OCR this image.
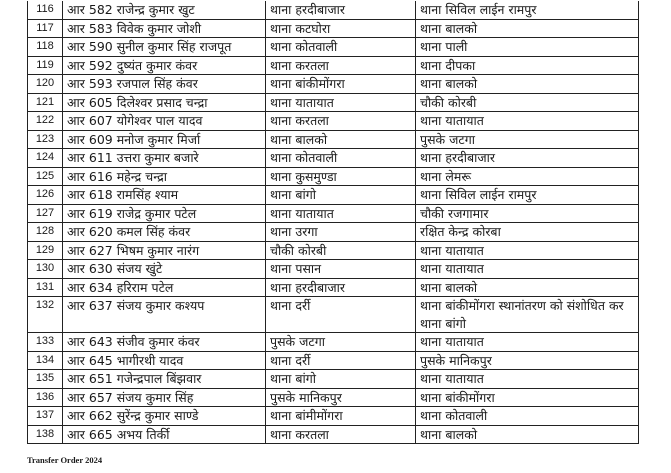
116	आर 582 राजेन्द्र कुमार खुट	थाना हरदीबाजार	थाना सिविल लाईन रामपुर
117	आर 583 विवेक कुमार जोशी	थाना कटघोरा	थाना बालको
118	आर 590 सुनील कुमार सिंह राजपूत	थाना कोतवाली	थाना पाली
119	आर 592 दुष्यंत कुमार कंवर	थाना करतला	थाना दीपका
120	आर 593 रजपाल सिंह कंवर	थाना बांकीमोंगरा	थाना बालको
121	आर 605 दिलेश्वर प्रसाद चन्द्रा	थाना यातायात	चौकी कोरबी
122	आर 607 योगेश्वर पाल यादव	थाना करतला	थाना यातायात
123	आर 609 मनोज कुमार मिर्जा	थाना बालको	पुसके जटगा
124	आर 611 उत्तरा कुमार बजारे	थाना कोतवाली	थाना हरदीबाजार
125	आर 616 महेन्द्र चन्द्रा	थाना कुसमुण्डा	थाना लेमरू
126	आर 618 रामसिंह श्याम	थाना बांगो	थाना सिविल लाईन रामपुर
127	आर 619 राजेद्र कुमार पटेल	थाना यातायात	चौकी रजगामार
128	आर 620 कमल सिंह कंवर	थाना उरगा	रक्षित केन्द्र कोरबा
129	आर 627 भिषम कुमार नारंग	चौकी कोरबी	थाना यातायात
130	आर 630 संजय खुंटे	थाना पसान	थाना यातायात
131	आर 634 हरिराम पटेल	थाना हरदीबाजार	थाना बालको
132	आर 637 संजय कुमार कश्यप	थाना दर्री	थाना बांकीमोंगरा स्थानांतरण को संशोधित कर थाना बांगो
133	आर 643 संजीव कुमार कंवर	पुसके जटगा	थाना यातायात
134	आर 645 भागीरथी यादव	थाना दर्री	पुसके मानिकपुर
135	आर 651 गजेन्द्रपाल बिंझवार	थाना बांगो	थाना यातायात
136	आर 657 संजय कुमार सिंह	पुसके मानिकपुर	थाना बांकीमोंगरा
137	आर 662 सुरेंन्द्र कुमार साण्डे	थाना बांमीमोंगरा	थाना कोतवाली
138	आर 665 अभय तिर्की	थाना करतला	थाना बालको
Transfer Order 2024
